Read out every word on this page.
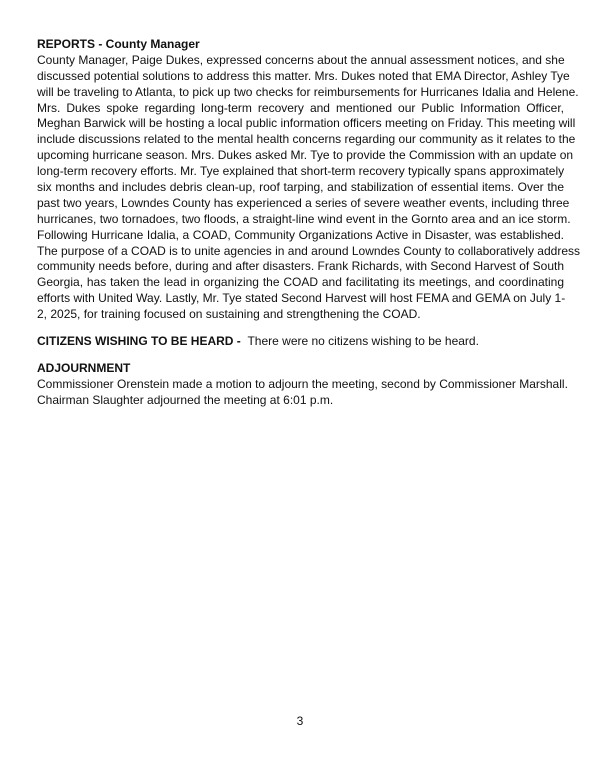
REPORTS - County Manager
County Manager, Paige Dukes, expressed concerns about the annual assessment notices, and she
discussed potential solutions to address this matter. Mrs. Dukes noted that EMA Director, Ashley Tye
will be traveling to Atlanta, to pick up two checks for reimbursements for Hurricanes Idalia and Helene.
Mrs. Dukes spoke regarding long-term recovery and mentioned our Public Information Officer,
Meghan Barwick will be hosting a local public information officers meeting on Friday. This meeting will
include discussions related to the mental health concerns regarding our community as it relates to the
upcoming hurricane season. Mrs. Dukes asked Mr. Tye to provide the Commission with an update on
long-term recovery efforts. Mr. Tye explained that short-term recovery typically spans approximately
six months and includes debris clean-up, roof tarping, and stabilization of essential items. Over the
past two years, Lowndes County has experienced a series of severe weather events, including three
hurricanes, two tornadoes, two floods, a straight-line wind event in the Gornto area and an ice storm.
Following Hurricane Idalia, a COAD, Community Organizations Active in Disaster, was established.
The purpose of a COAD is to unite agencies in and around Lowndes County to collaboratively address
community needs before, during and after disasters. Frank Richards, with Second Harvest of South
Georgia, has taken the lead in organizing the COAD and facilitating its meetings, and coordinating
efforts with United Way. Lastly, Mr. Tye stated Second Harvest will host FEMA and GEMA on July 1-
2, 2025, for training focused on sustaining and strengthening the COAD.
CITIZENS WISHING TO BE HEARD -  There were no citizens wishing to be heard.
ADJOURNMENT
Commissioner Orenstein made a motion to adjourn the meeting, second by Commissioner Marshall.
Chairman Slaughter adjourned the meeting at 6:01 p.m.
3
